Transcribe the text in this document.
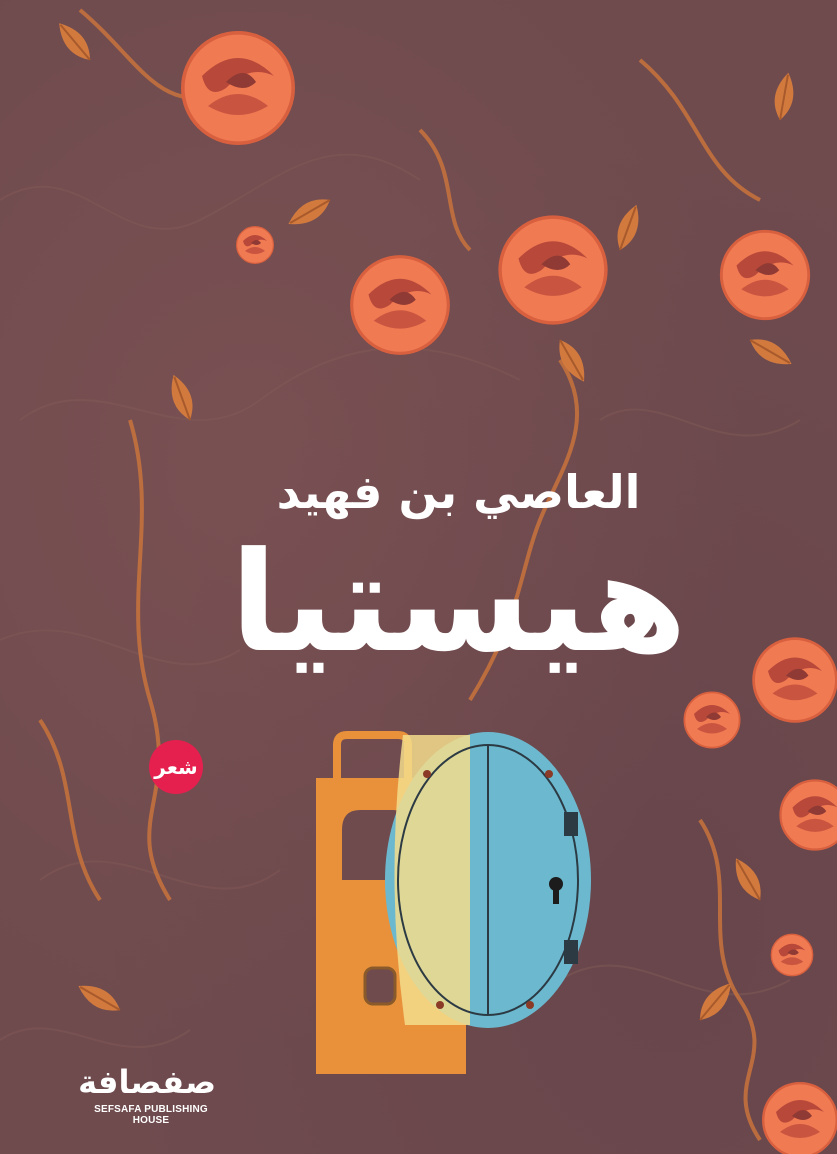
العاصي بن فهيد
هيستيا
شعر
صفصافة
SEFSAFA PUBLISHING HOUSE
